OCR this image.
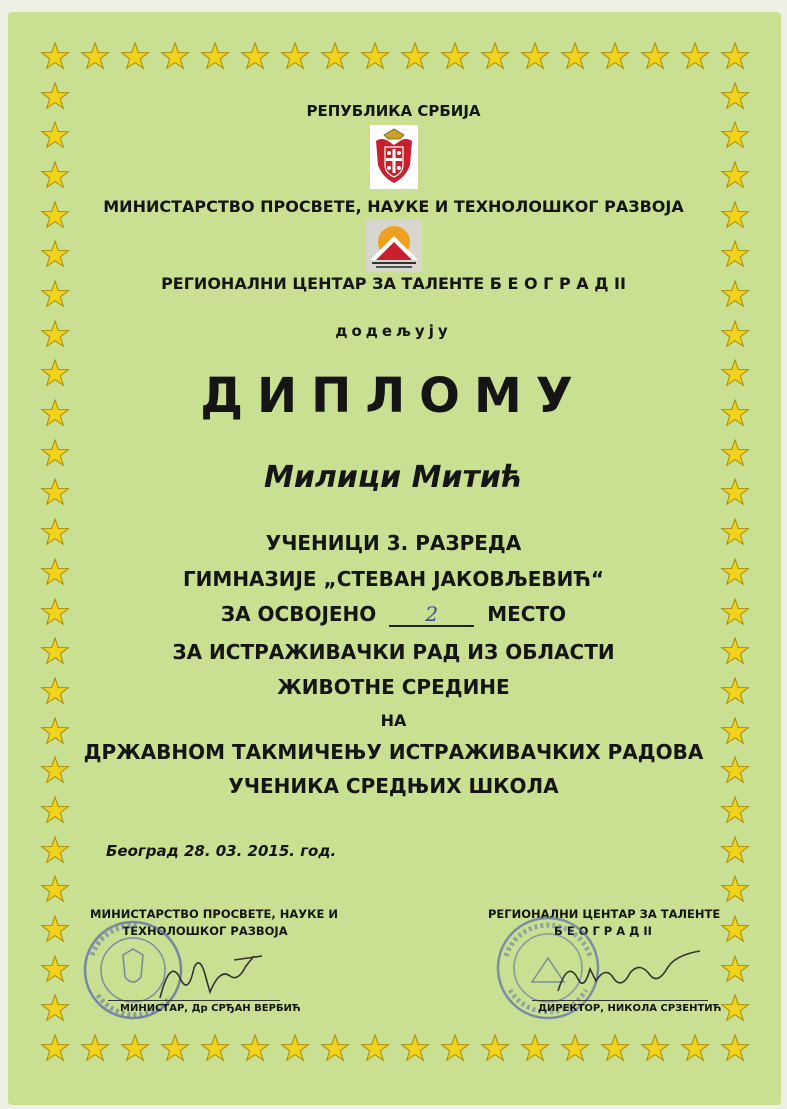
РЕПУБЛИКА СРБИЈА
МИНИСТАРСТВО ПРОСВЕТЕ, НАУКЕ И ТЕХНОЛОШКОГ РАЗВОЈА
РЕГИОНАЛНИ ЦЕНТАР ЗА ТАЛЕНТЕ Б Е О Г Р А Д II
додељују
ДИПЛОМУ
Милици Митић
УЧЕНИЦИ 3. РАЗРЕДА
ГИМНАЗИЈЕ „СТЕВАН ЈАКОВЉЕВИЋ“
ЗА ОСВОЈЕНО 2 МЕСТО
ЗА ИСТРАЖИВАЧКИ РАД ИЗ ОБЛАСТИ
ЖИВОТНЕ СРЕДИНЕ
НА
ДРЖАВНОМ ТАКМИЧЕЊУ ИСТРАЖИВАЧКИХ РАДОВА
УЧЕНИКА СРЕДЊИХ ШКОЛА
Београд 28. 03. 2015. год.
МИНИСТАРСТВО ПРОСВЕТЕ, НАУКЕ И
ТЕХНОЛОШКОГ РАЗВОЈА
РЕГИОНАЛНИ ЦЕНТАР ЗА ТАЛЕНТЕ
Б Е О Г Р А Д II
МИНИСТАР, Др СРЂАН ВЕРБИЋ	ДИРЕКТОР, НИКОЛА СРЗЕНТИЋ
